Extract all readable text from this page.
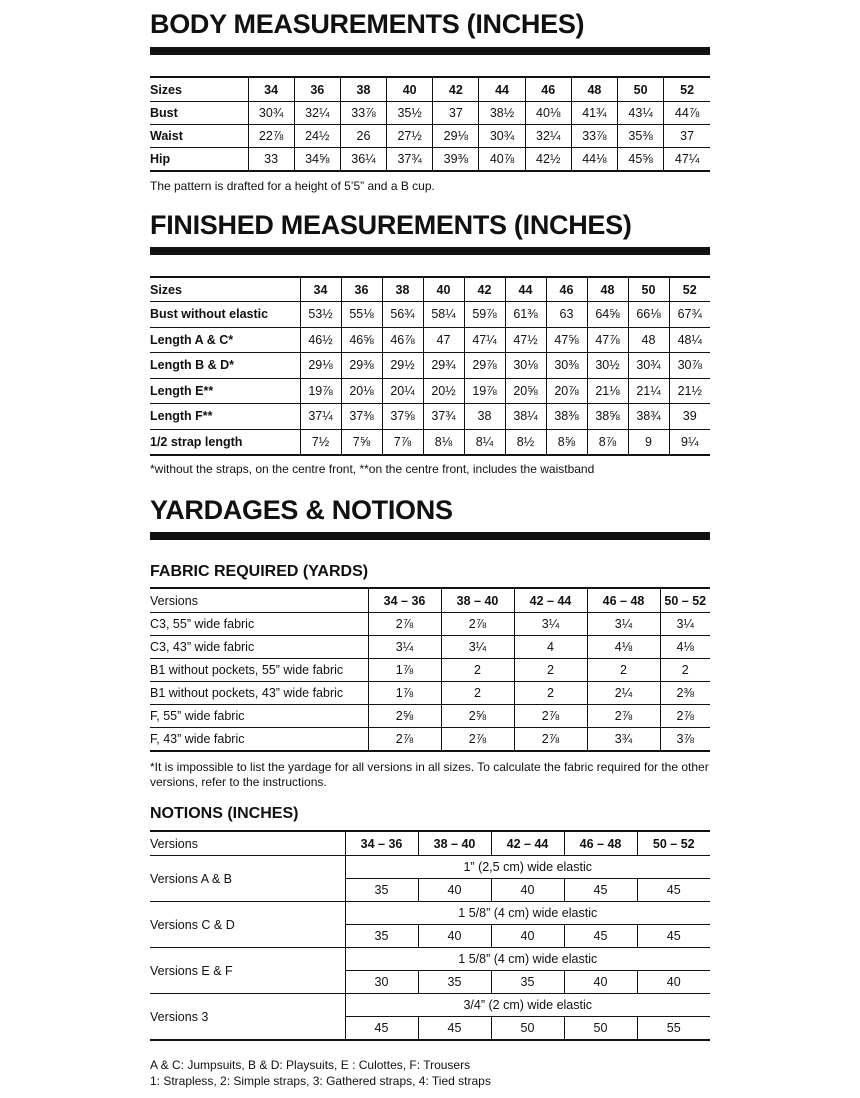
BODY MEASUREMENTS (INCHES)
Sizes	34	36	38	40	42	44	46	48	50	52
Bust	30¾	32¼	33⅞	35½	37	38½	40⅛	41¾	43¼	44⅞
Waist	22⅞	24½	26	27½	29⅛	30¾	32¼	33⅞	35⅜	37
Hip	33	34⅝	36¼	37¾	39⅜	40⅞	42½	44⅛	45⅝	47¼
The pattern is drafted for a height of 5’5” and a B cup.
FINISHED MEASUREMENTS (INCHES)
Sizes	34	36	38	40	42	44	46	48	50	52
Bust without elastic	53½	55⅛	56¾	58¼	59⅞	61⅜	63	64⅝	66⅛	67¾
Length A & C*	46½	46⅝	46⅞	47	47¼	47½	47⅝	47⅞	48	48¼
Length B & D*	29⅛	29⅜	29½	29¾	29⅞	30⅛	30⅜	30½	30¾	30⅞
Length E**	19⅞	20⅛	20¼	20½	19⅞	20⅝	20⅞	21⅛	21¼	21½
Length F**	37¼	37⅜	37⅝	37¾	38	38¼	38⅜	38⅝	38¾	39
1/2 strap length	7½	7⅝	7⅞	8⅛	8¼	8½	8⅝	8⅞	9	9¼
*without the straps, on the centre front, **on the centre front, includes the waistband
YARDAGES & NOTIONS
FABRIC REQUIRED (YARDS)
Versions	34 – 36	38 – 40	42 – 44	46 – 48	50 – 52
C3, 55” wide fabric	2⅞	2⅞	3¼	3¼	3¼
C3, 43” wide fabric	3¼	3¼	4	4⅛	4⅛
B1 without pockets, 55” wide fabric	1⅞	2	2	2	2
B1 without pockets, 43” wide fabric	1⅞	2	2	2¼	2⅜
F, 55” wide fabric	2⅝	2⅝	2⅞	2⅞	2⅞
F, 43” wide fabric	2⅞	2⅞	2⅞	3¾	3⅞
*It is impossible to list the yardage for all versions in all sizes. To calculate the fabric required for the other versions, refer to the instructions.
NOTIONS (INCHES)
Versions	34 – 36	38 – 40	42 – 44	46 – 48	50 – 52
Versions A & B	1” (2,5 cm) wide elastic				
	35	40	40	45	45
Versions C & D	1 5/8” (4 cm) wide elastic				
	35	40	40	45	45
Versions E & F	1 5/8” (4 cm) wide elastic				
	30	35	35	40	40
Versions 3	3/4” (2 cm) wide elastic				
	45	45	50	50	55
A & C: Jumpsuits, B & D: Playsuits, E : Culottes, F: Trousers
1: Strapless, 2: Simple straps, 3: Gathered straps, 4: Tied straps
